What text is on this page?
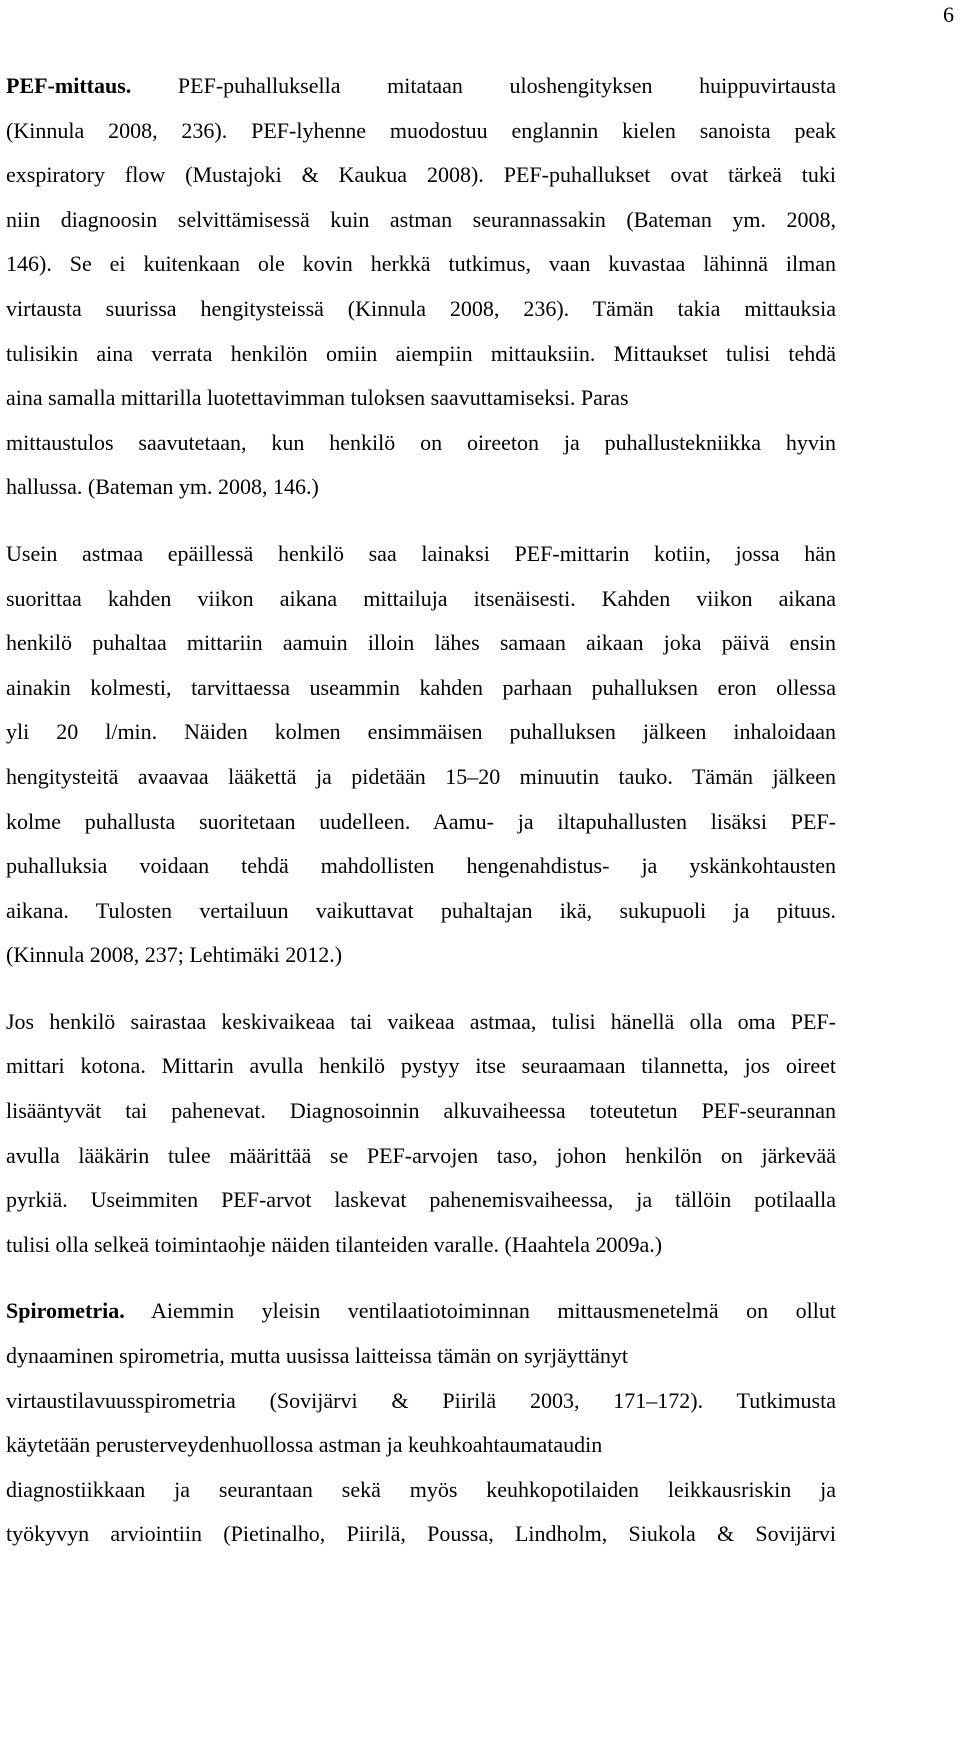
6

PEF-mittaus. PEF-puhalluksella mitataan uloshengityksen huippuvirtausta
(Kinnula 2008, 236). PEF-lyhenne muodostuu englannin kielen sanoista peak
exspiratory flow (Mustajoki & Kaukua 2008). PEF-puhallukset ovat tärkeä tuki
niin diagnoosin selvittämisessä kuin astman seurannassakin (Bateman ym. 2008,
146). Se ei kuitenkaan ole kovin herkkä tutkimus, vaan kuvastaa lähinnä ilman
virtausta suurissa hengitysteissä (Kinnula 2008, 236). Tämän takia mittauksia
tulisikin aina verrata henkilön omiin aiempiin mittauksiin. Mittaukset tulisi tehdä
aina samalla mittarilla luotettavimman tuloksen saavuttamiseksi. Paras
mittaustulos saavutetaan, kun henkilö on oireeton ja puhallustekniikka hyvin
hallussa. (Bateman ym. 2008, 146.)

Usein astmaa epäillessä henkilö saa lainaksi PEF-mittarin kotiin, jossa hän
suorittaa kahden viikon aikana mittailuja itsenäisesti. Kahden viikon aikana
henkilö puhaltaa mittariin aamuin illoin lähes samaan aikaan joka päivä ensin
ainakin kolmesti, tarvittaessa useammin kahden parhaan puhalluksen eron ollessa
yli 20 l/min. Näiden kolmen ensimmäisen puhalluksen jälkeen inhaloidaan
hengitysteitä avaavaa lääkettä ja pidetään 15–20 minuutin tauko. Tämän jälkeen
kolme puhallusta suoritetaan uudelleen. Aamu- ja iltapuhallusten lisäksi PEF-
puhalluksia voidaan tehdä mahdollisten hengenahdistus- ja yskänkohtausten
aikana. Tulosten vertailuun vaikuttavat puhaltajan ikä, sukupuoli ja pituus.
(Kinnula 2008, 237; Lehtimäki 2012.)

Jos henkilö sairastaa keskivaikeaa tai vaikeaa astmaa, tulisi hänellä olla oma PEF-
mittari kotona. Mittarin avulla henkilö pystyy itse seuraamaan tilannetta, jos oireet
lisääntyvät tai pahenevat. Diagnosoinnin alkuvaiheessa toteutetun PEF-seurannan
avulla lääkärin tulee määrittää se PEF-arvojen taso, johon henkilön on järkevää
pyrkiä. Useimmiten PEF-arvot laskevat pahenemisvaiheessa, ja tällöin potilaalla
tulisi olla selkeä toimintaohje näiden tilanteiden varalle. (Haahtela 2009a.)

Spirometria. Aiemmin yleisin ventilaatiotoiminnan mittausmenetelmä on ollut
dynaaminen spirometria, mutta uusissa laitteissa tämän on syrjäyttänyt
virtaustilavuusspirometria (Sovijärvi & Piirilä 2003, 171–172). Tutkimusta
käytetään perusterveydenhuollossa astman ja keuhkoahtaumataudin
diagnostiikkaan ja seurantaan sekä myös keuhkopotilaiden leikkausriskin ja
työkyvyn arviointiin (Pietinalho, Piirilä, Poussa, Lindholm, Siukola & Sovijärvi
